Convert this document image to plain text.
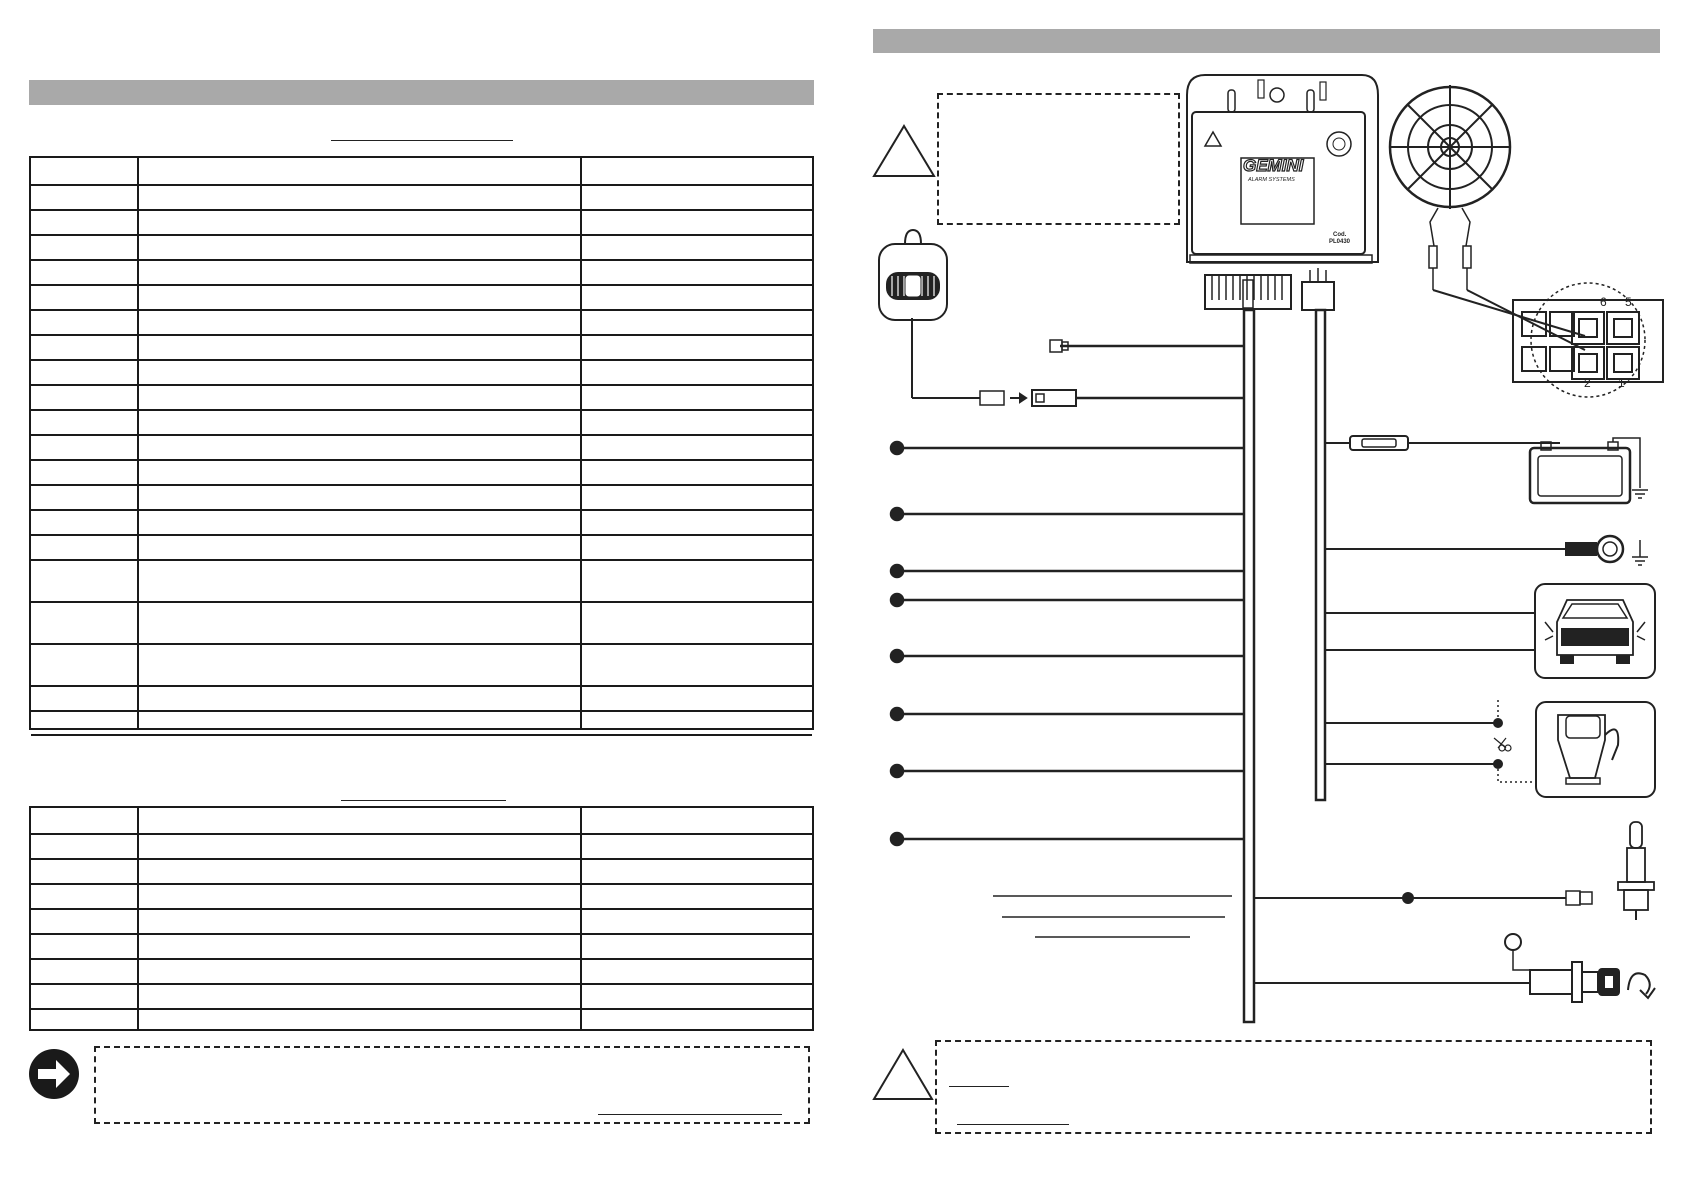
GEMINI
ALARM SYSTEMS
Cod.
PL0430
6 5
2 1
